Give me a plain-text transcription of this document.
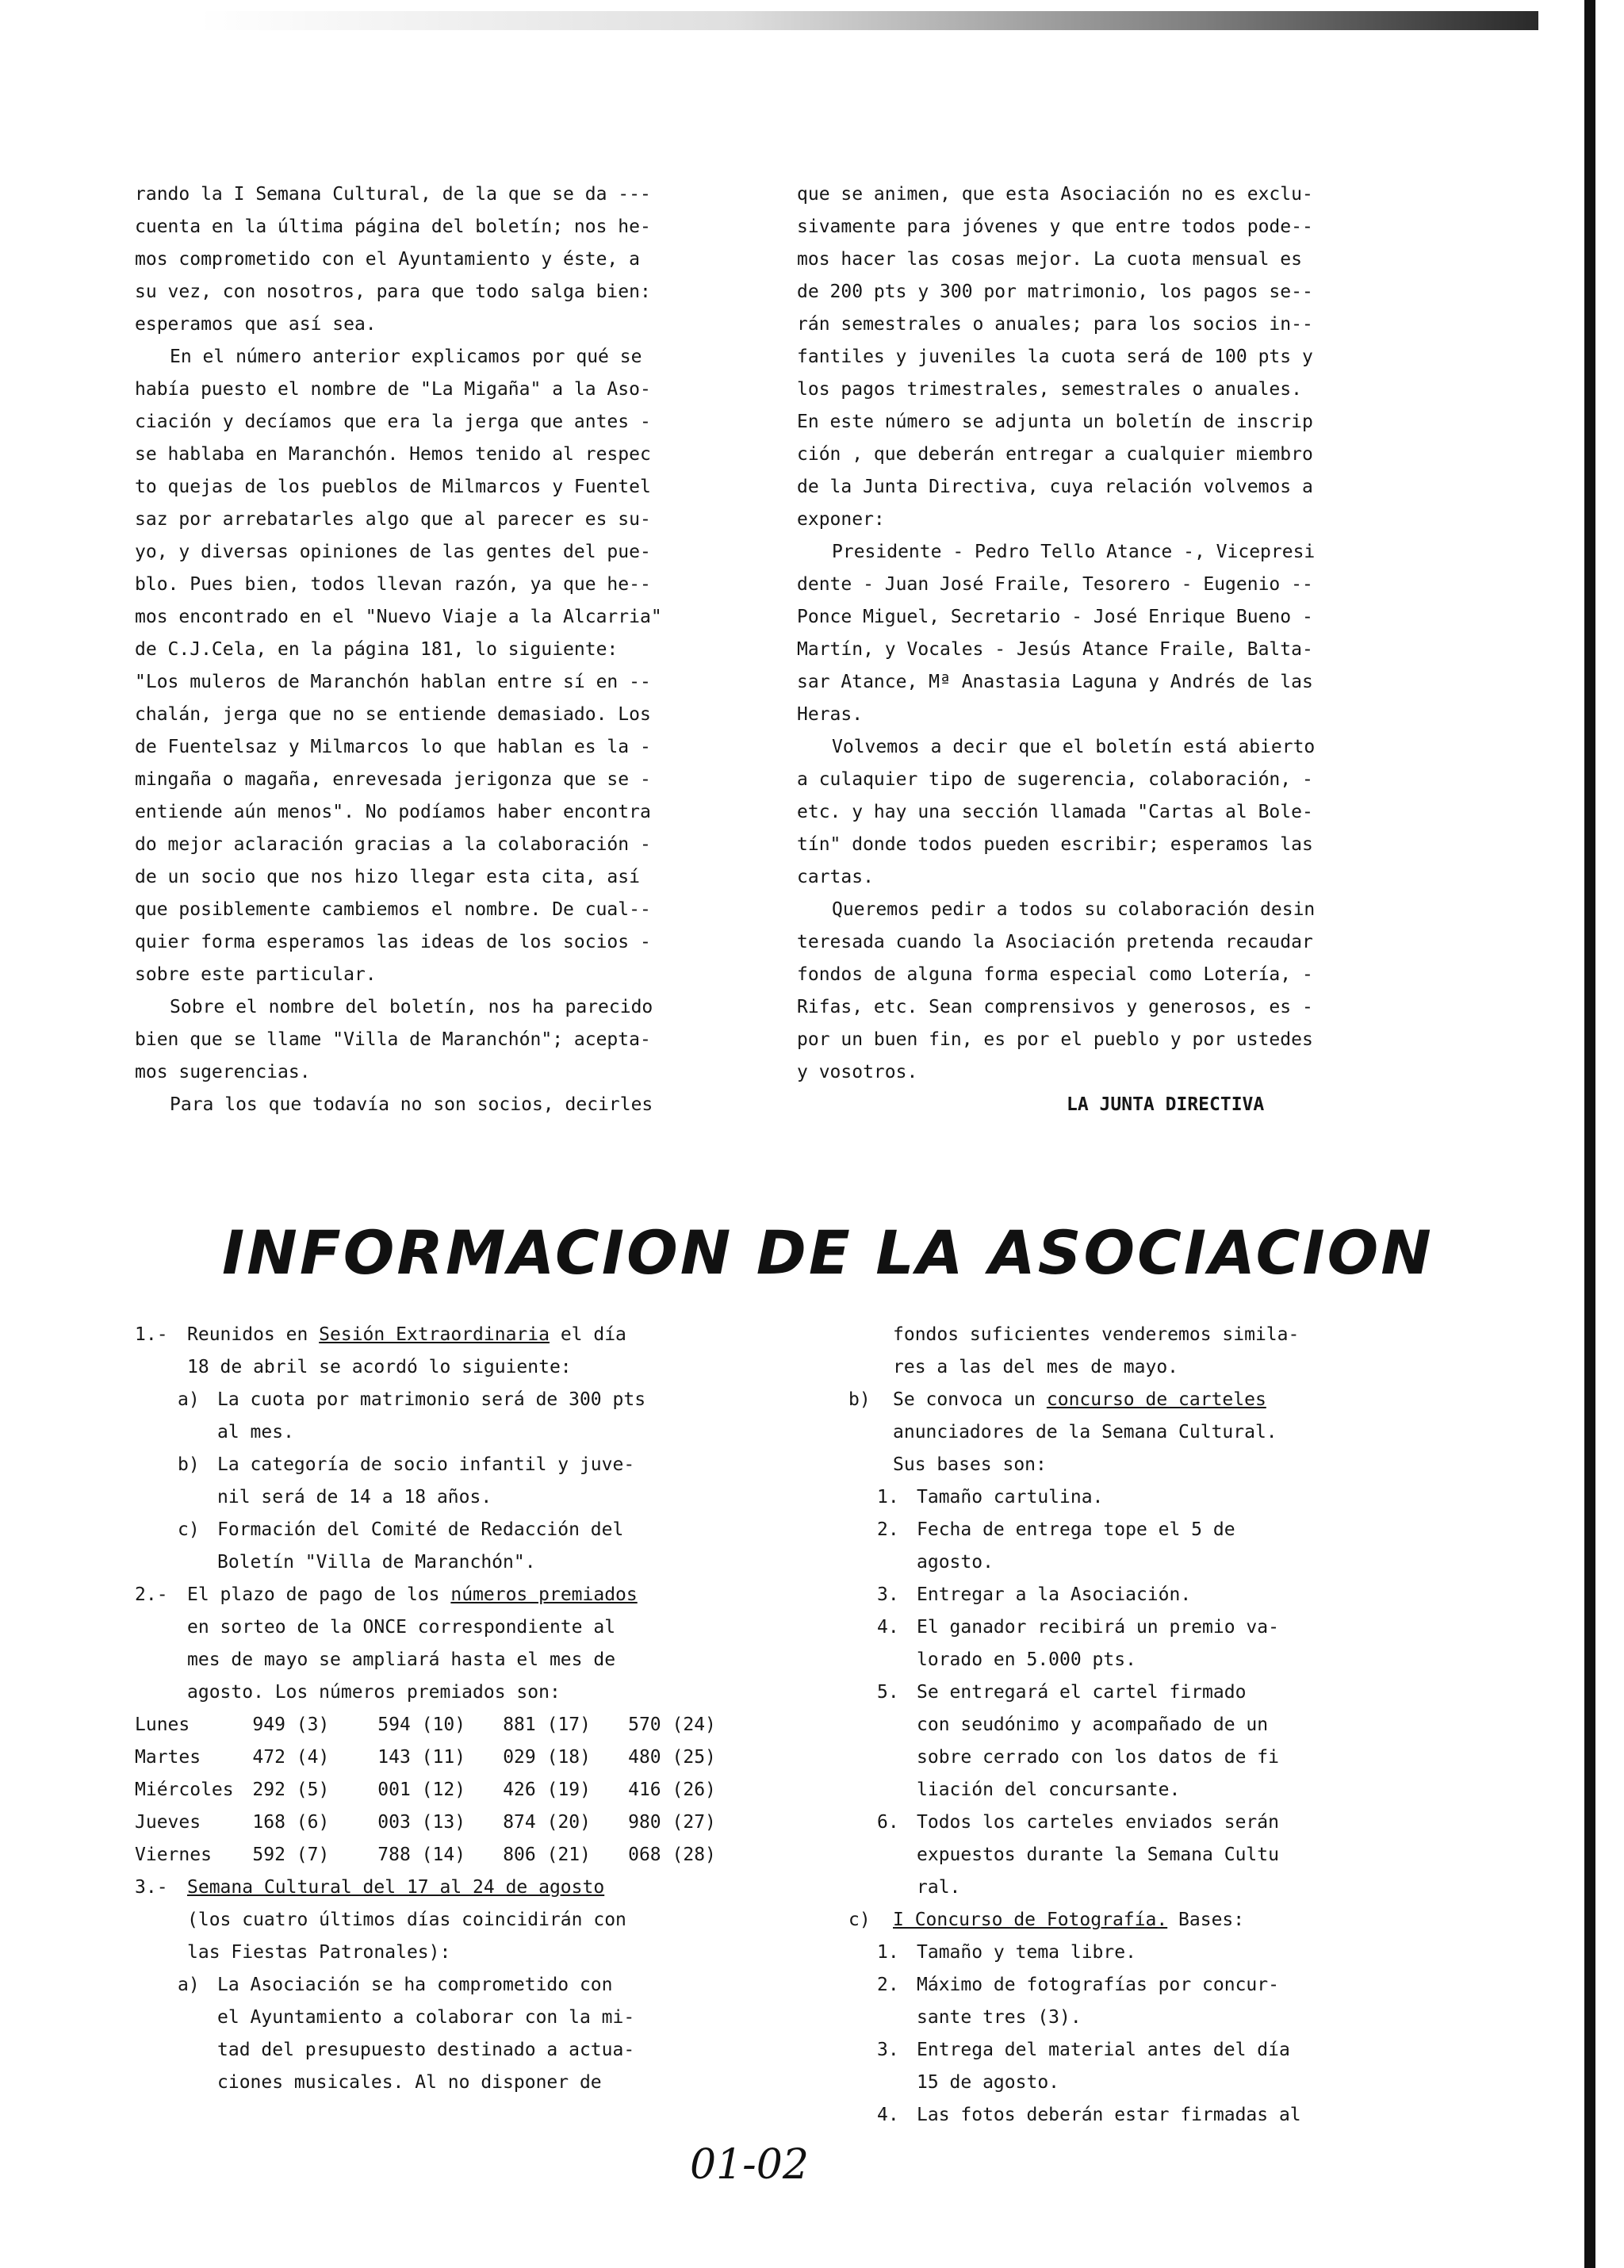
rando la I Semana Cultural, de la que se da ---
cuenta en la última página del boletín; nos he-
mos comprometido con el Ayuntamiento y éste, a
su vez, con nosotros, para que todo salga bien:
esperamos que así sea.
En el número anterior explicamos por qué se
había puesto el nombre de "La Migaña" a la Aso-
ciación y decíamos que era la jerga que antes -
se hablaba en Maranchón. Hemos tenido al respec
to quejas de los pueblos de Milmarcos y Fuentel
saz por arrebatarles algo que al parecer es su-
yo, y diversas opiniones de las gentes del pue-
blo. Pues bien, todos llevan razón, ya que he--
mos encontrado en el "Nuevo Viaje a la Alcarria"
de C.J.Cela, en la página 181, lo siguiente:
"Los muleros de Maranchón hablan entre sí en --
chalán, jerga que no se entiende demasiado. Los
de Fuentelsaz y Milmarcos lo que hablan es la -
mingaña o magaña, enrevesada jerigonza que se -
entiende aún menos". No podíamos haber encontra
do mejor aclaración gracias a la colaboración -
de un socio que nos hizo llegar esta cita, así
que posiblemente cambiemos el nombre. De cual--
quier forma esperamos las ideas de los socios -
sobre este particular.
Sobre el nombre del boletín, nos ha parecido
bien que se llame "Villa de Maranchón"; acepta-
mos sugerencias.
Para los que todavía no son socios, decirles
que se animen, que esta Asociación no es exclu-
sivamente para jóvenes y que entre todos pode--
mos hacer las cosas mejor. La cuota mensual es
de 200 pts y 300 por matrimonio, los pagos se--
rán semestrales o anuales; para los socios in--
fantiles y juveniles la cuota será de 100 pts y
los pagos trimestrales, semestrales o anuales.
En este número se adjunta un boletín de inscrip
ción , que deberán entregar a cualquier miembro
de la Junta Directiva, cuya relación volvemos a
exponer:
Presidente - Pedro Tello Atance -, Vicepresi
dente - Juan José Fraile, Tesorero - Eugenio --
Ponce Miguel, Secretario - José Enrique Bueno -
Martín, y Vocales - Jesús Atance Fraile, Balta-
sar Atance, Mª Anastasia Laguna y Andrés de las
Heras.
Volvemos a decir que el boletín está abierto
a culaquier tipo de sugerencia, colaboración, -
etc. y hay una sección llamada "Cartas al Bole-
tín" donde todos pueden escribir; esperamos las
cartas.
Queremos pedir a todos su colaboración desin
teresada cuando la Asociación pretenda recaudar
fondos de alguna forma especial como Lotería, -
Rifas, etc. Sean comprensivos y generosos, es -
por un buen fin, es por el pueblo y por ustedes
y vosotros.
LA JUNTA DIRECTIVA
INFORMACION DE LA ASOCIACION
1.-	Reunidos en Sesión Extraordinaria el día
18 de abril se acordó lo siguiente:
a) La cuota por matrimonio será de 300 pts
al mes.
b) La categoría de socio infantil y juve-
nil será de 14 a 18 años.
c) Formación del Comité de Redacción del
Boletín "Villa de Maranchón".
2.-	El plazo de pago de los números premiados
en sorteo de la ONCE correspondiente al
mes de mayo se ampliará hasta el mes de
agosto. Los números premiados son:
Lunes	949 (3)	594 (10)	881 (17)	570 (24)
Martes	472 (4)	143 (11)	029 (18)	480 (25)
Miércoles	292 (5)	001 (12)	426 (19)	416 (26)
Jueves	168 (6)	003 (13)	874 (20)	980 (27)
Viernes	592 (7)	788 (14)	806 (21)	068 (28)
3.-	Semana Cultural del 17 al 24 de agosto
(los cuatro últimos días coincidirán con
las Fiestas Patronales):
a) La Asociación se ha comprometido con
el Ayuntamiento a colaborar con la mi-
tad del presupuesto destinado a actua-
ciones musicales. Al no disponer de
fondos suficientes venderemos simila-
res a las del mes de mayo.
b)	Se convoca un concurso de carteles
anunciadores de la Semana Cultural.
Sus bases son:
1. Tamaño cartulina.
2. Fecha de entrega tope el 5 de
agosto.
3. Entregar a la Asociación.
4. El ganador recibirá un premio va-
lorado en 5.000 pts.
5. Se entregará el cartel firmado
con seudónimo y acompañado de un
sobre cerrado con los datos de fi
liación del concursante.
6. Todos los carteles enviados serán
expuestos durante la Semana Cultu
ral.
c)	I Concurso de Fotografía. Bases:
1. Tamaño y tema libre.
2. Máximo de fotografías por concur-
sante tres (3).
3. Entrega del material antes del día
15 de agosto.
4. Las fotos deberán estar firmadas al
01-02
